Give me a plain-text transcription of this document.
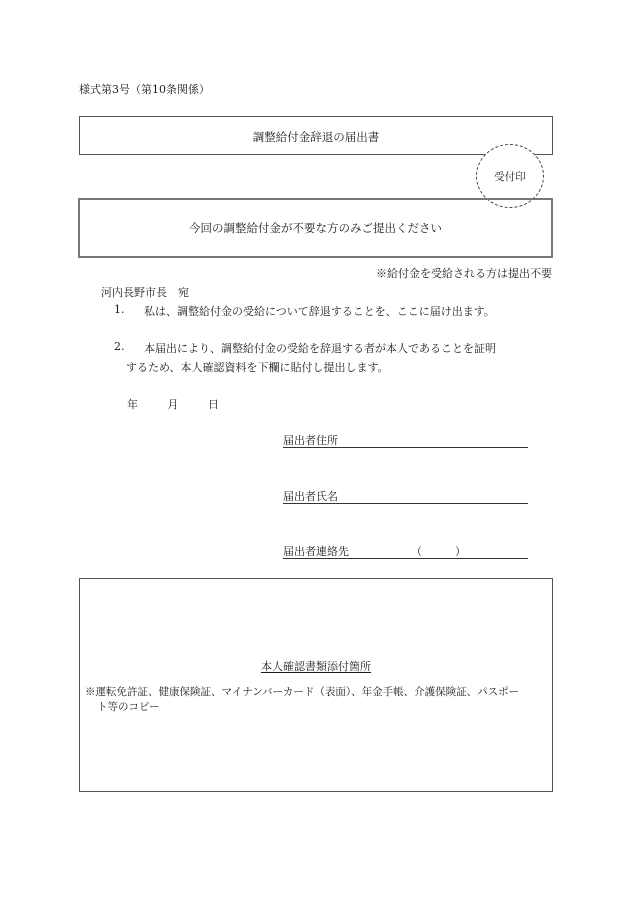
様式第3号（第10条関係）
調整給付金辞退の届出書
受付印
今回の調整給付金が不要な方のみご提出ください
※給付金を受給される方は提出不要
河内長野市長　宛
1. 私は、調整給付金の受給について辞退することを、ここに届け出ます。
2. 本届出により、調整給付金の受給を辞退する者が本人であることを証明
するため、本人確認資料を下欄に貼付し提出します。
年	月	日
届出者住所
届出者氏名
届出者連絡先	（　　　）
本人確認書類添付箇所
※運転免許証、健康保険証、マイナンバーカード（表面）、年金手帳、介護保険証、パスポー
ト等のコピー
